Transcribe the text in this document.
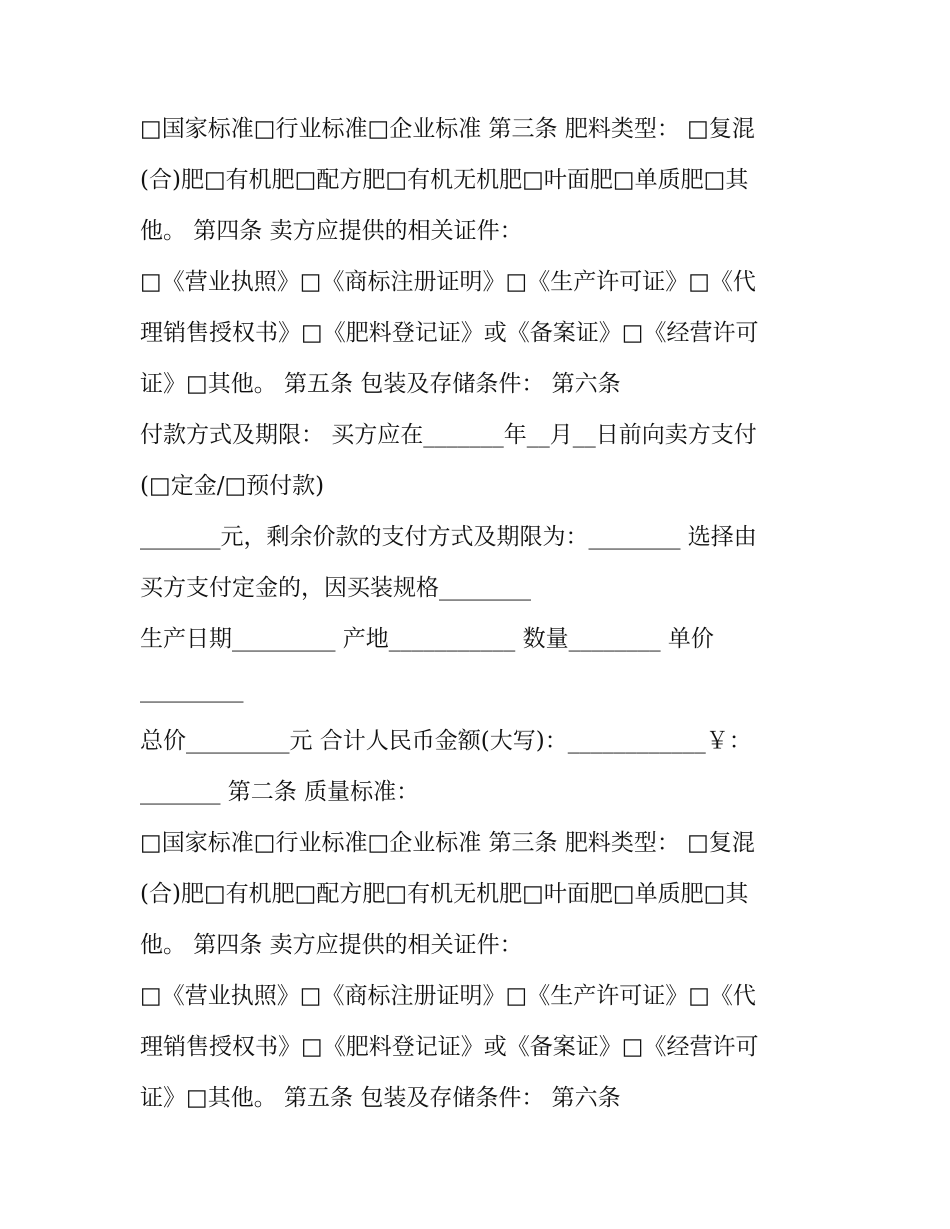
□国家标准□行业标准□企业标准 第三条 肥料类型： □复混
(合)肥□有机肥□配方肥□有机无机肥□叶面肥□单质肥□其
他。 第四条 卖方应提供的相关证件：
□《营业执照》□《商标注册证明》□《生产许可证》□《代
理销售授权书》□《肥料登记证》或《备案证》□《经营许可
证》□其他。 第五条 包装及存储条件： 第六条
付款方式及期限： 买方应在_______年__月__日前向卖方支付
(□定金/□预付款)
_______元，剩余价款的支付方式及期限为：________ 选择由
买方支付定金的，因买装规格________
生产日期_________ 产地___________ 数量________ 单价
_________
总价_________元 合计人民币金额(大写)：____________￥：
_______ 第二条 质量标准：
□国家标准□行业标准□企业标准 第三条 肥料类型： □复混
(合)肥□有机肥□配方肥□有机无机肥□叶面肥□单质肥□其
他。 第四条 卖方应提供的相关证件：
□《营业执照》□《商标注册证明》□《生产许可证》□《代
理销售授权书》□《肥料登记证》或《备案证》□《经营许可
证》□其他。 第五条 包装及存储条件： 第六条
